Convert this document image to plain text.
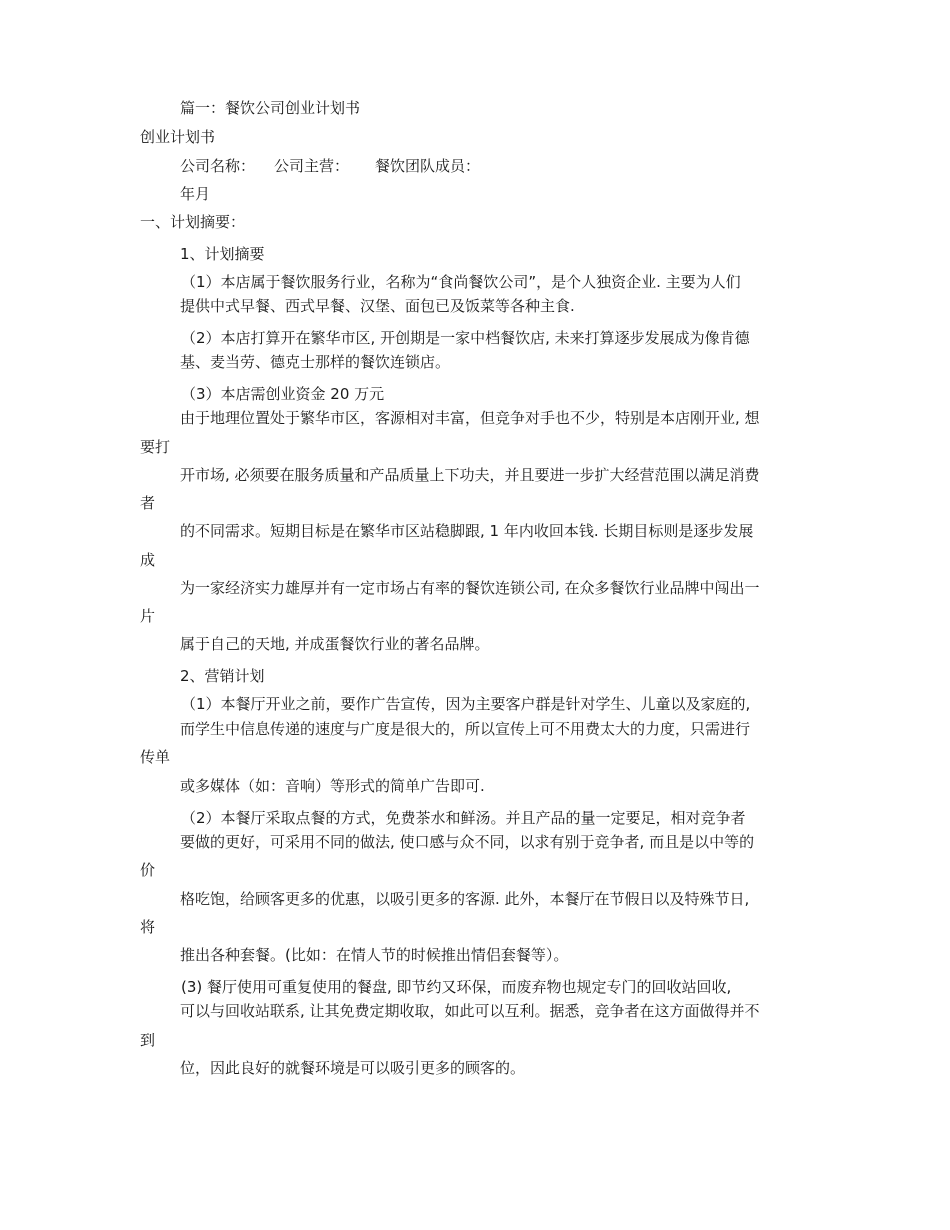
篇一：餐饮公司创业计划书
创业计划书
公司名称： 公司主营： 餐饮团队成员：
年月
一、计划摘要：
1、计划摘要
（1）本店属于餐饮服务行业，名称为“食尚餐饮公司”，是个人独资企业. 主要为人们
提供中式早餐、西式早餐、汉堡、面包已及饭菜等各种主食.
（2）本店打算开在繁华市区, 开创期是一家中档餐饮店, 未来打算逐步发展成为像肯德
基、麦当劳、德克士那样的餐饮连锁店。
（3）本店需创业资金 20 万元
由于地理位置处于繁华市区，客源相对丰富，但竞争对手也不少，特别是本店刚开业, 想
要打
开市场, 必须要在服务质量和产品质量上下功夫，并且要进一步扩大经营范围以满足消费
者
的不同需求。短期目标是在繁华市区站稳脚跟, 1 年内收回本钱. 长期目标则是逐步发展
成
为一家经济实力雄厚并有一定市场占有率的餐饮连锁公司, 在众多餐饮行业品牌中闯出一
片
属于自己的天地, 并成蛋餐饮行业的著名品牌。
2、营销计划
（1）本餐厅开业之前，要作广告宣传，因为主要客户群是针对学生、儿童以及家庭的,
而学生中信息传递的速度与广度是很大的，所以宣传上可不用费太大的力度，只需进行
传单
或多媒体（如：音响）等形式的简单广告即可.
（2）本餐厅采取点餐的方式，免费茶水和鲜汤。并且产品的量一定要足，相对竞争者
要做的更好，可采用不同的做法, 使口感与众不同，以求有别于竞争者, 而且是以中等的
价
格吃饱，给顾客更多的优惠，以吸引更多的客源. 此外，本餐厅在节假日以及特殊节日,
将
推出各种套餐。(比如：在情人节的时候推出情侣套餐等）。
(3) 餐厅使用可重复使用的餐盘, 即节约又环保，而废弃物也规定专门的回收站回收,
可以与回收站联系, 让其免费定期收取，如此可以互利。据悉，竞争者在这方面做得并不
到
位，因此良好的就餐环境是可以吸引更多的顾客的。
